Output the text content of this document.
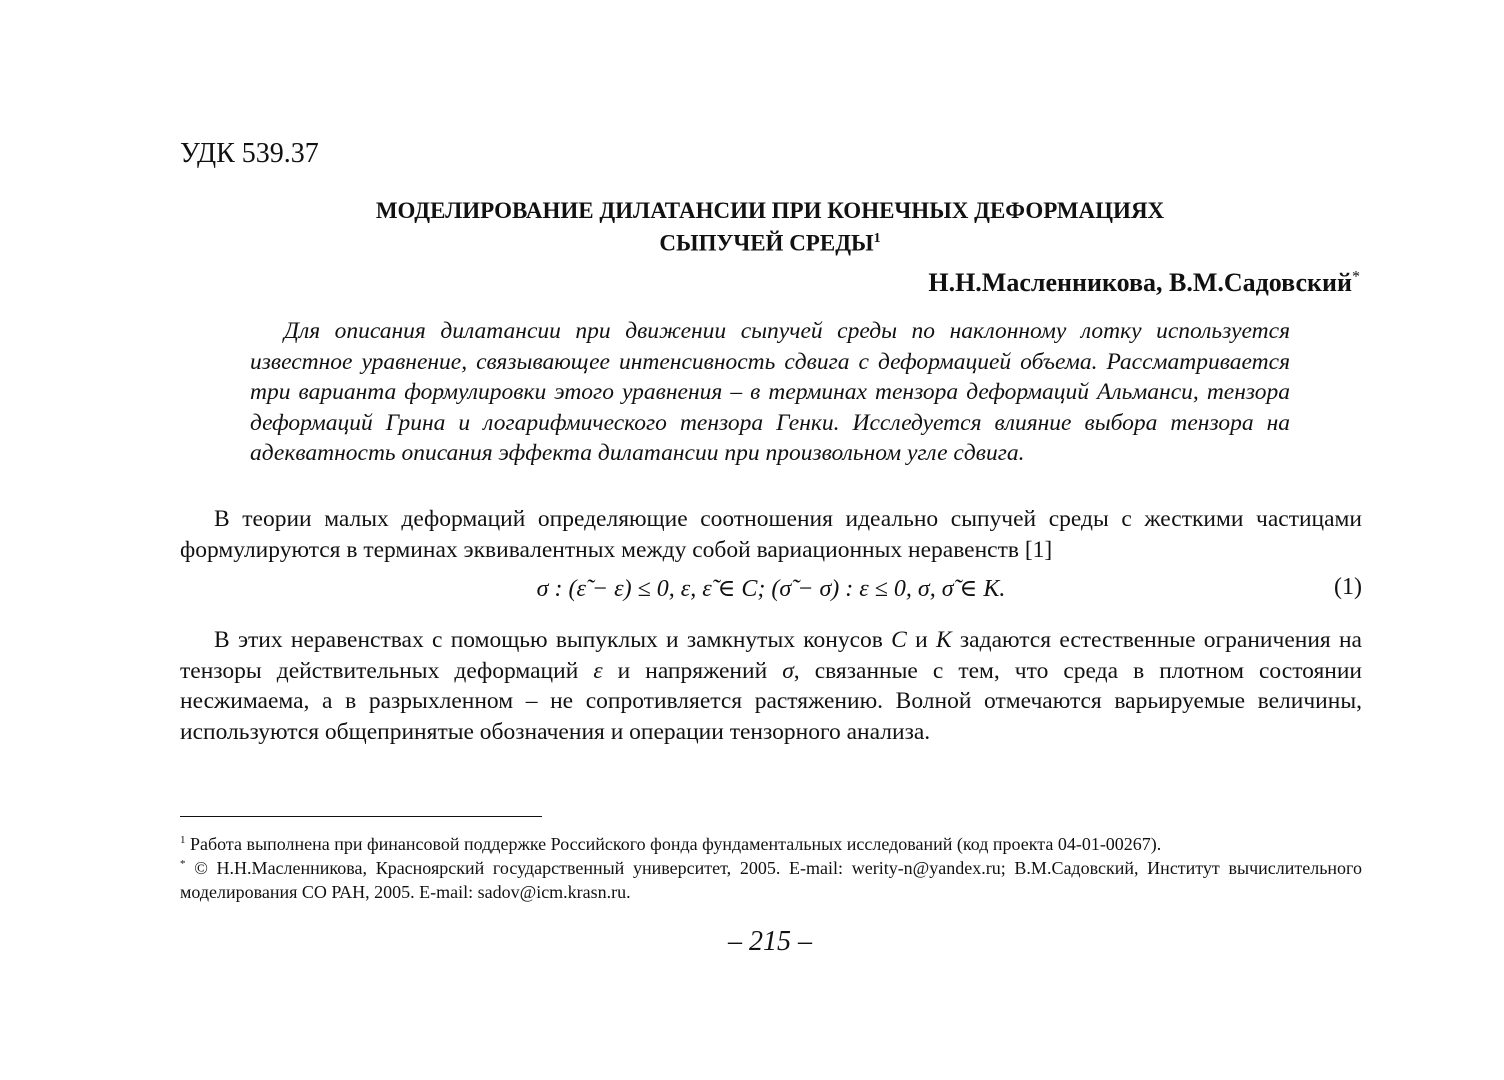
УДК 539.37
МОДЕЛИРОВАНИЕ ДИЛАТАНСИИ ПРИ КОНЕЧНЫХ ДЕФОРМАЦИЯХ
СЫПУЧЕЙ СРЕДЫ$^1$
Н.Н.Масленникова, В.М.Садовский*
Для описания дилатансии при движении сыпучей среды по наклонному лотку используется известное уравнение, связывающее интенсивность сдвига с деформацией объема. Рассматривается три варианта формулировки этого уравнения – в терминах тензора деформаций Альманси, тензора деформаций Грина и логарифмического тензора Генки. Исследуется влияние выбора тензора на адекватность описания эффекта дилатансии при произвольном угле сдвига.
В теории малых деформаций определяющие соотношения идеально сыпучей среды с жесткими частицами формулируются в терминах эквивалентных между собой вариационных неравенств [1]
σ : (ε̃ − ε) ≤ 0, ε, ε̃ ∈ C; (σ̃ − σ) : ε ≤ 0, σ, σ̃ ∈ K.	(1)
В этих неравенствах с помощью выпуклых и замкнутых конусов C и K задаются естественные ограничения на тензоры действительных деформаций ε и напряжений σ, связанные с тем, что среда в плотном состоянии несжимаема, а в разрыхленном – не сопротивляется растяжению. Волной отмечаются варьируемые величины, используются общепринятые обозначения и операции тензорного анализа.
$^1$ Работа выполнена при финансовой поддержке Российского фонда фундаментальных исследований (код проекта 04-01-00267).
* © Н.Н.Масленникова, Красноярский государственный университет, 2005. E-mail: werity-n@yandex.ru; В.М.Садовский, Институт вычислительного моделирования СО РАН, 2005. E-mail: sadov@icm.krasn.ru.
– 215 –
